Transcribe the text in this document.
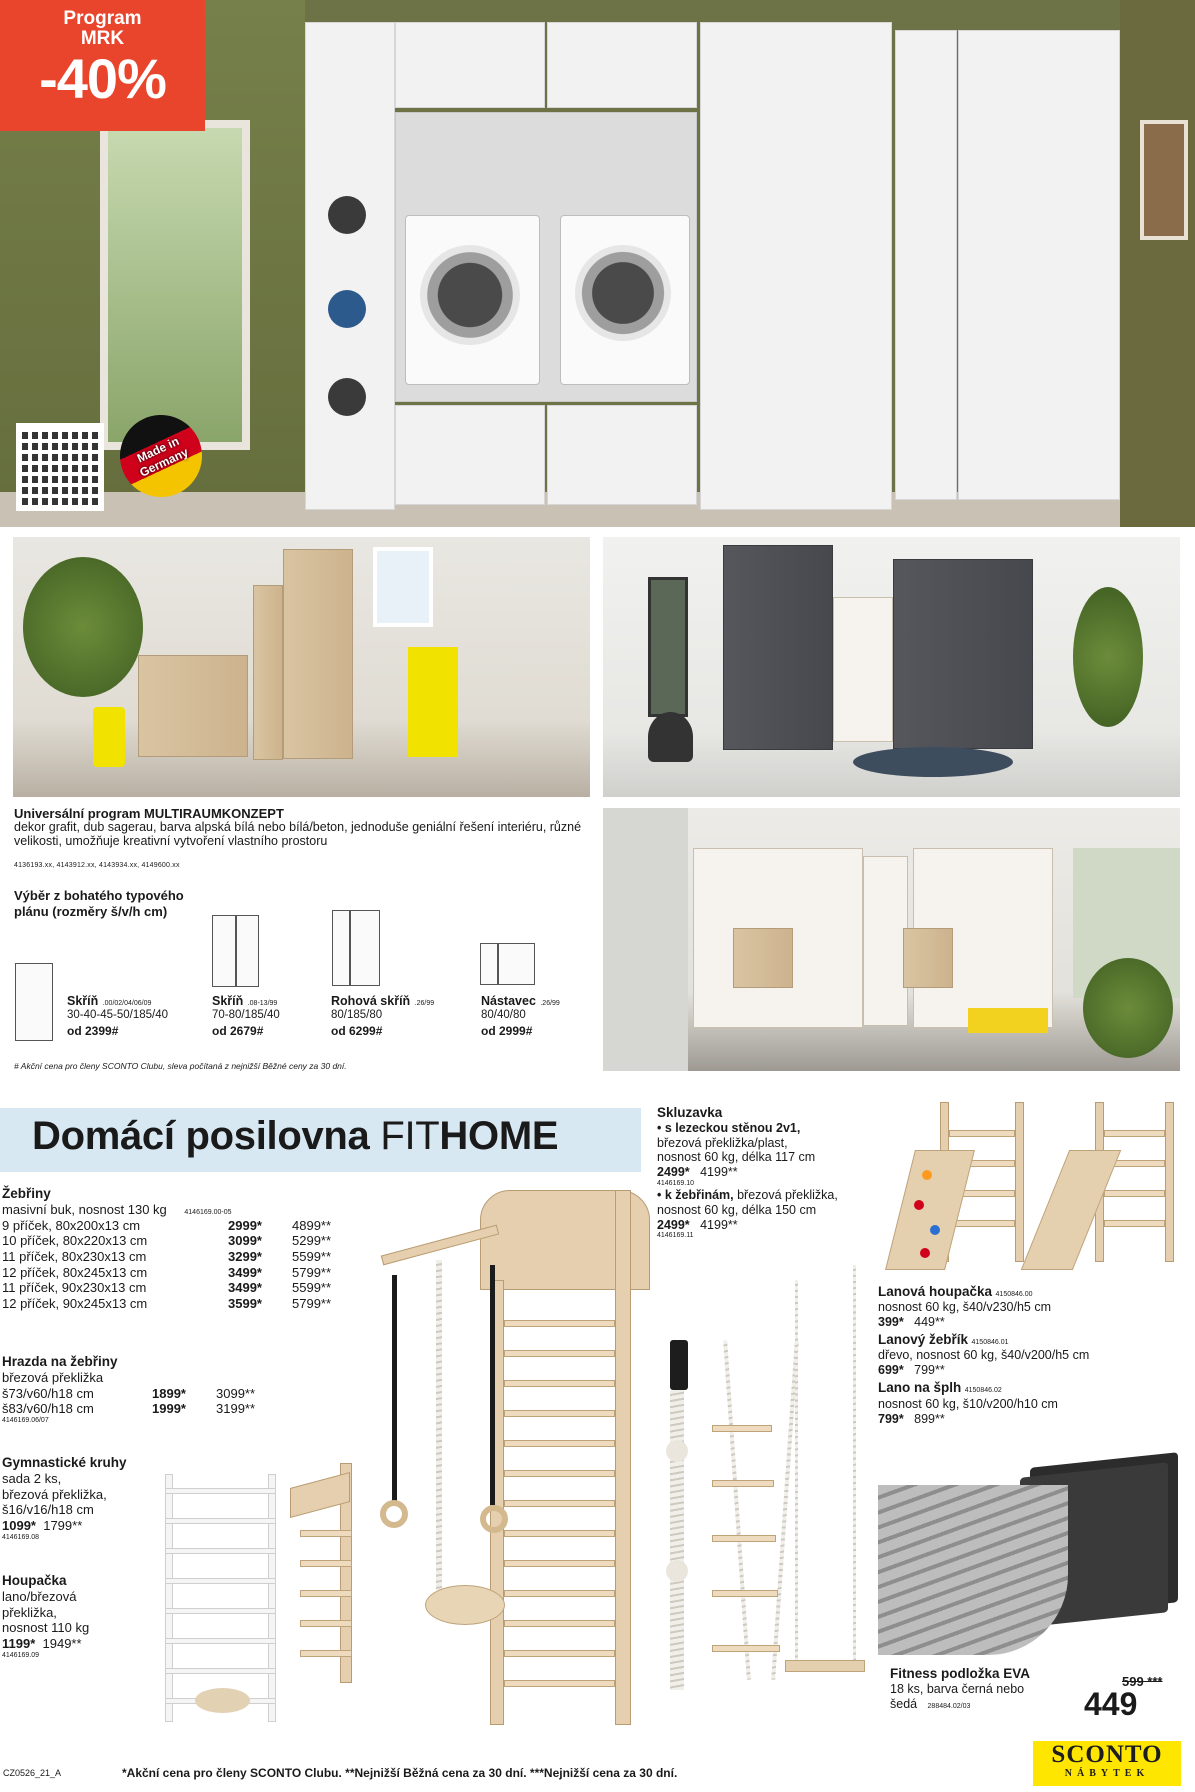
Program
MRK
-40%
Made in Germany
Universální program MULTIRAUMKONZEPT
dekor grafit, dub sagerau, barva alpská bílá nebo bílá/beton, jednoduše geniální řešení interiéru, různé velikosti, umožňuje kreativní vytvoření vlastního prostoru
4136193.xx, 4143912.xx, 4143934.xx, 4149600.xx
Výběr z bohatého typového plánu (rozměry š/v/h cm)
Skříň .00/02/04/06/09
30-40-45-50/185/40
od 2399#
Skříň .08-13/99
70-80/185/40
od 2679#
Rohová skříň .26/99
80/185/80
od 6299#
Nástavec .26/99
80/40/80
od 2999#
# Akční cena pro členy SCONTO Clubu, sleva počítaná z nejnižší Běžné ceny za 30 dní.
Domácí posilovna FITHOME
Žebřiny
masivní buk, nosnost 130 kg	4146169.00-05
9 příček, 80x200x13 cm	2999*	4899**
10 příček, 80x220x13 cm	3099*	5299**
11 příček, 80x230x13 cm	3299*	5599**
12 příček, 80x245x13 cm	3499*	5799**
11 příček, 90x230x13 cm	3499*	5599**
12 příček, 90x245x13 cm	3599*	5799**
Hrazda na žebřiny
březová překližka
š73/v60/h18 cm	1899*	3099**
š83/v60/h18 cm	1999*	3199**
4146169.06/07
Gymnastické kruhy
sada 2 ks,
březová překližka,
š16/v16/h18 cm
1099* 1799**
4146169.08
Houpačka
lano/březová
překližka,
nosnost 110 kg
1199* 1949**
4146169.09
Skluzavka
• s lezeckou stěnou 2v1,
březová překližka/plast,
nosnost 60 kg, délka 117 cm
2499* 4199**
4146169.10
• k žebřinám, březová překližka,
nosnost 60 kg, délka 150 cm
2499* 4199**
4146169.11
Lanová houpačka 4150846.00
nosnost 60 kg, š40/v230/h5 cm
399* 449**
Lanový žebřík 4150846.01
dřevo, nosnost 60 kg, š40/v200/h5 cm
699* 799**
Lano na šplh 4150846.02
nosnost 60 kg, š10/v200/h10 cm
799* 899**
Fitness podložka EVA
18 ks, barva černá nebo
šedá 288484.02/03
599 ***
449
SCONTO
NÁBYTEK
CZ0526_21_A	*Akční cena pro členy SCONTO Clubu. **Nejnižší Běžná cena za 30 dní. ***Nejnižší cena za 30 dní.
